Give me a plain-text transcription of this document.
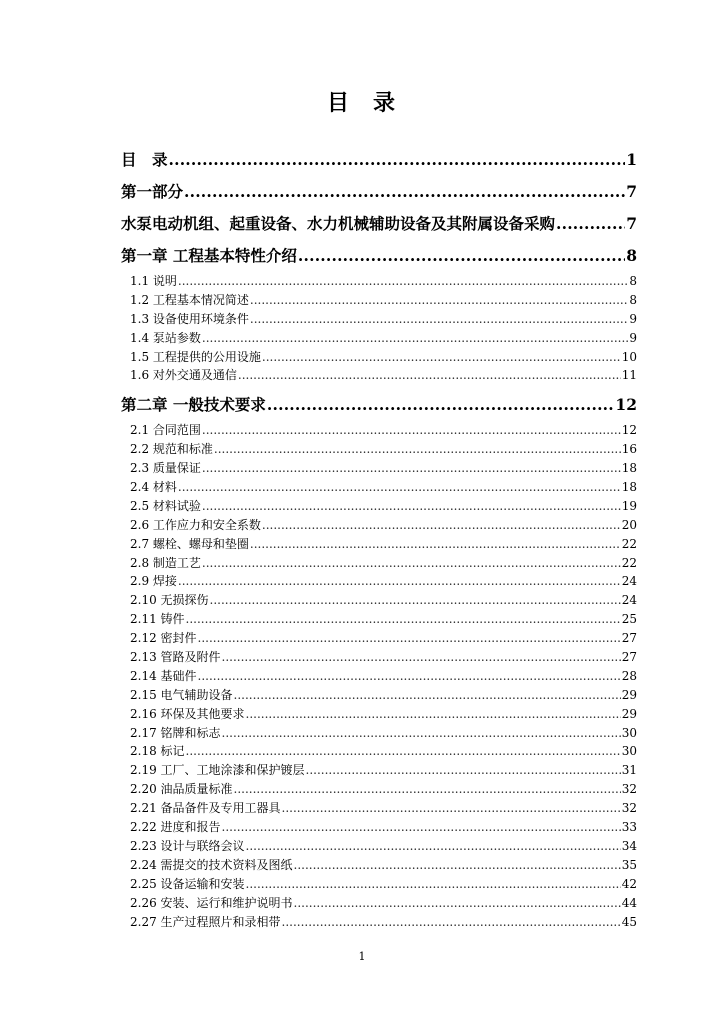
目 录
目　录 .....	1
第一部分 .....	7
水泵电动机组、起重设备、水力机械辅助设备及其附属设备采购 .....	7
第一章 工程基本特性介绍 .....	8
1.1 说明 .....	8
1.2 工程基本情况简述 .....	8
1.3 设备使用环境条件 .....	9
1.4 泵站参数 .....	9
1.5 工程提供的公用设施 .....	10
1.6 对外交通及通信 .....	11
第二章 一般技术要求 .....	12
2.1 合同范围 .....	12
2.2 规范和标准 .....	16
2.3 质量保证 .....	18
2.4 材料 .....	18
2.5 材料试验 .....	19
2.6 工作应力和安全系数 .....	20
2.7 螺栓、螺母和垫圈 .....	22
2.8 制造工艺 .....	22
2.9 焊接 .....	24
2.10 无损探伤 .....	24
2.11 铸件 .....	25
2.12 密封件 .....	27
2.13 管路及附件 .....	27
2.14 基础件 .....	28
2.15 电气辅助设备 .....	29
2.16 环保及其他要求 .....	29
2.17 铭牌和标志 .....	30
2.18 标记 .....	30
2.19 工厂、工地涂漆和保护镀层 .....	31
2.20 油品质量标准 .....	32
2.21 备品备件及专用工器具 .....	32
2.22 进度和报告 .....	33
2.23 设计与联络会议 .....	34
2.24 需提交的技术资料及图纸 .....	35
2.25 设备运输和安装 .....	42
2.26 安装、运行和维护说明书 .....	44
2.27 生产过程照片和录相带 .....	45
1
